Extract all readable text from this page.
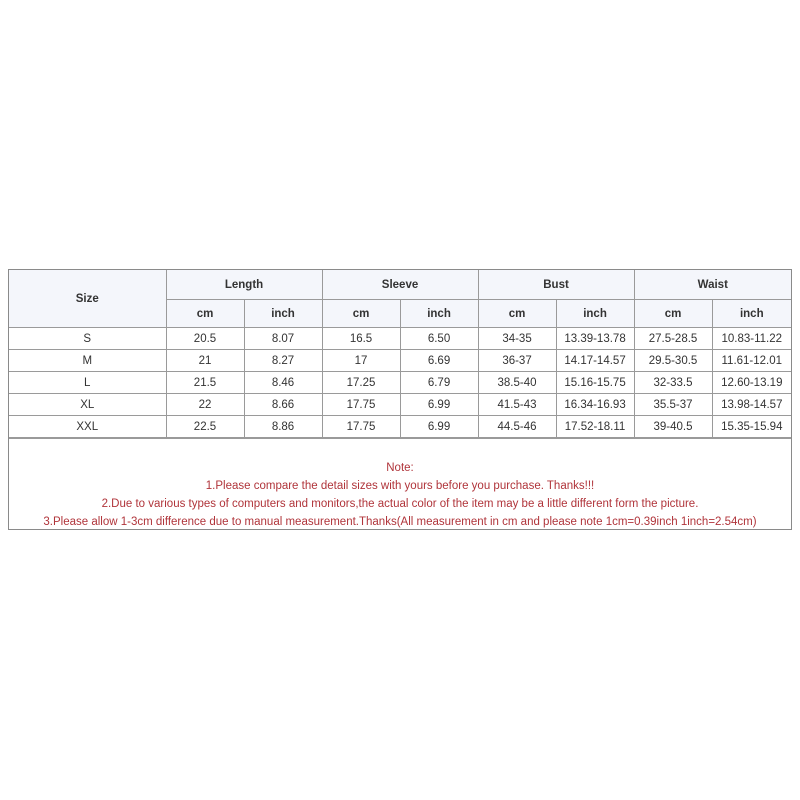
Size	Length		Sleeve		Bust		Waist	
	cm	inch	cm	inch	cm	inch	cm	inch
S	20.5	8.07	16.5	6.50	34-35	13.39-13.78	27.5-28.5	10.83-11.22
M	21	8.27	17	6.69	36-37	14.17-14.57	29.5-30.5	11.61-12.01
L	21.5	8.46	17.25	6.79	38.5-40	15.16-15.75	32-33.5	12.60-13.19
XL	22	8.66	17.75	6.99	41.5-43	16.34-16.93	35.5-37	13.98-14.57
XXL	22.5	8.86	17.75	6.99	44.5-46	17.52-18.11	39-40.5	15.35-15.94

Note:

1.Please compare the detail sizes with yours before you purchase. Thanks!!!

2.Due to various types of computers and monitors,the actual color of the item may be a little different form the picture.

3.Please allow 1-3cm difference due to manual measurement.Thanks(All measurement in cm and please note 1cm=0.39inch 1inch=2.54cm)
